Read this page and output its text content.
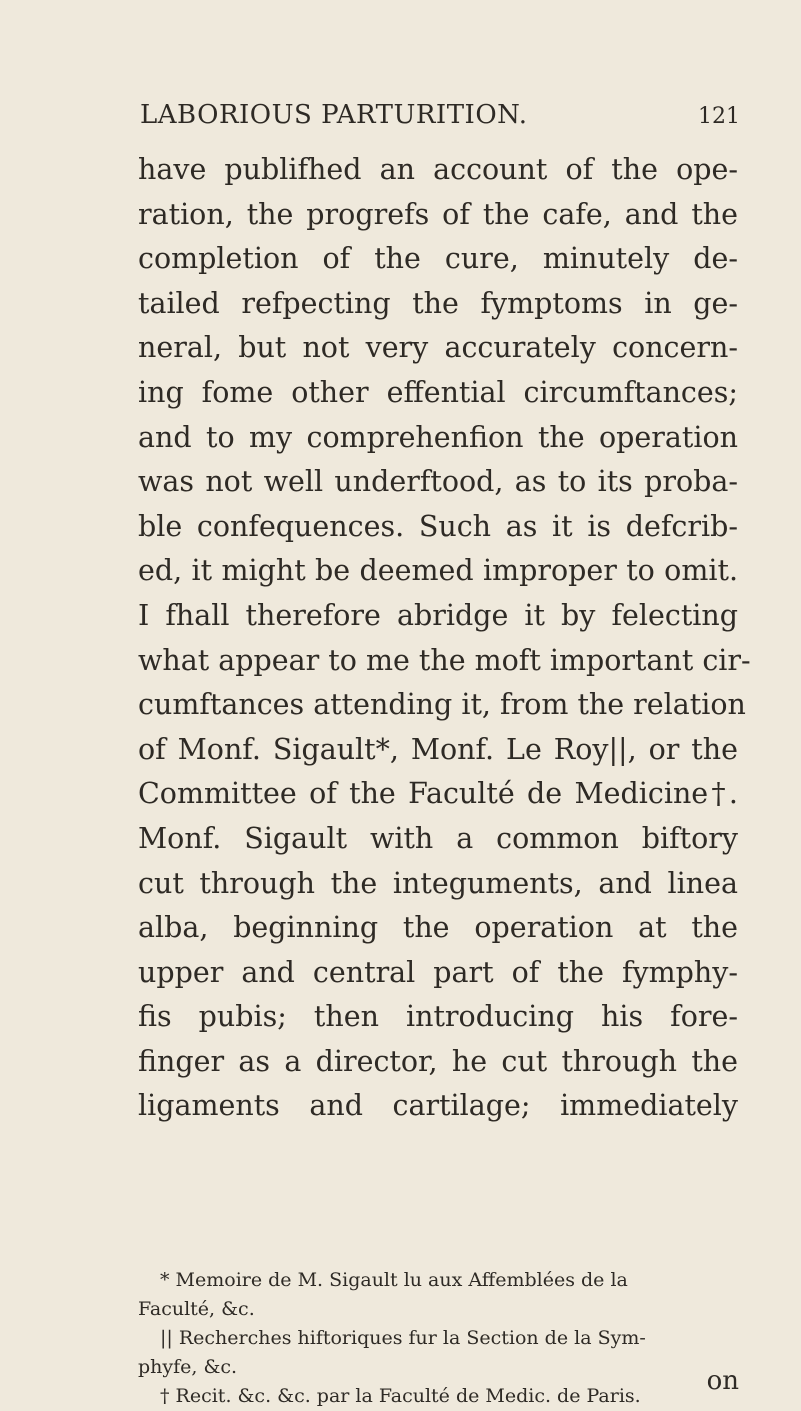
LABORIOUS PARTURITION.	121
have publifhed an account of the ope-
ration, the progrefs of the cafe, and the
completion of the cure, minutely de-
tailed refpecting the fymptoms in ge-
neral, but not very accurately concern-
ing fome other effential circumftances;
and to my comprehenfion the operation
was not well underftood, as to its proba-
ble confequences. Such as it is defcrib-
ed, it might be deemed improper to omit.
I fhall therefore abridge it by felecting
what appear to me the moft important cir-
cumftances attending it, from the relation
of Monf. Sigault*, Monf. Le Roy||, or the
Committee of the Faculté de Medicine†.
Monf. Sigault with a common biftory
cut through the integuments, and linea
alba, beginning the operation at the
upper and central part of the fymphy-
fis pubis; then introducing his fore-
finger as a director, he cut through the
ligaments and cartilage; immediately
* Memoire de M. Sigault lu aux Affemblées de la
Faculté, &c.
|| Recherches hiftoriques fur la Section de la Sym-
phyfe, &c.
† Recit. &c. &c. par la Faculté de Medic. de Paris.	on
